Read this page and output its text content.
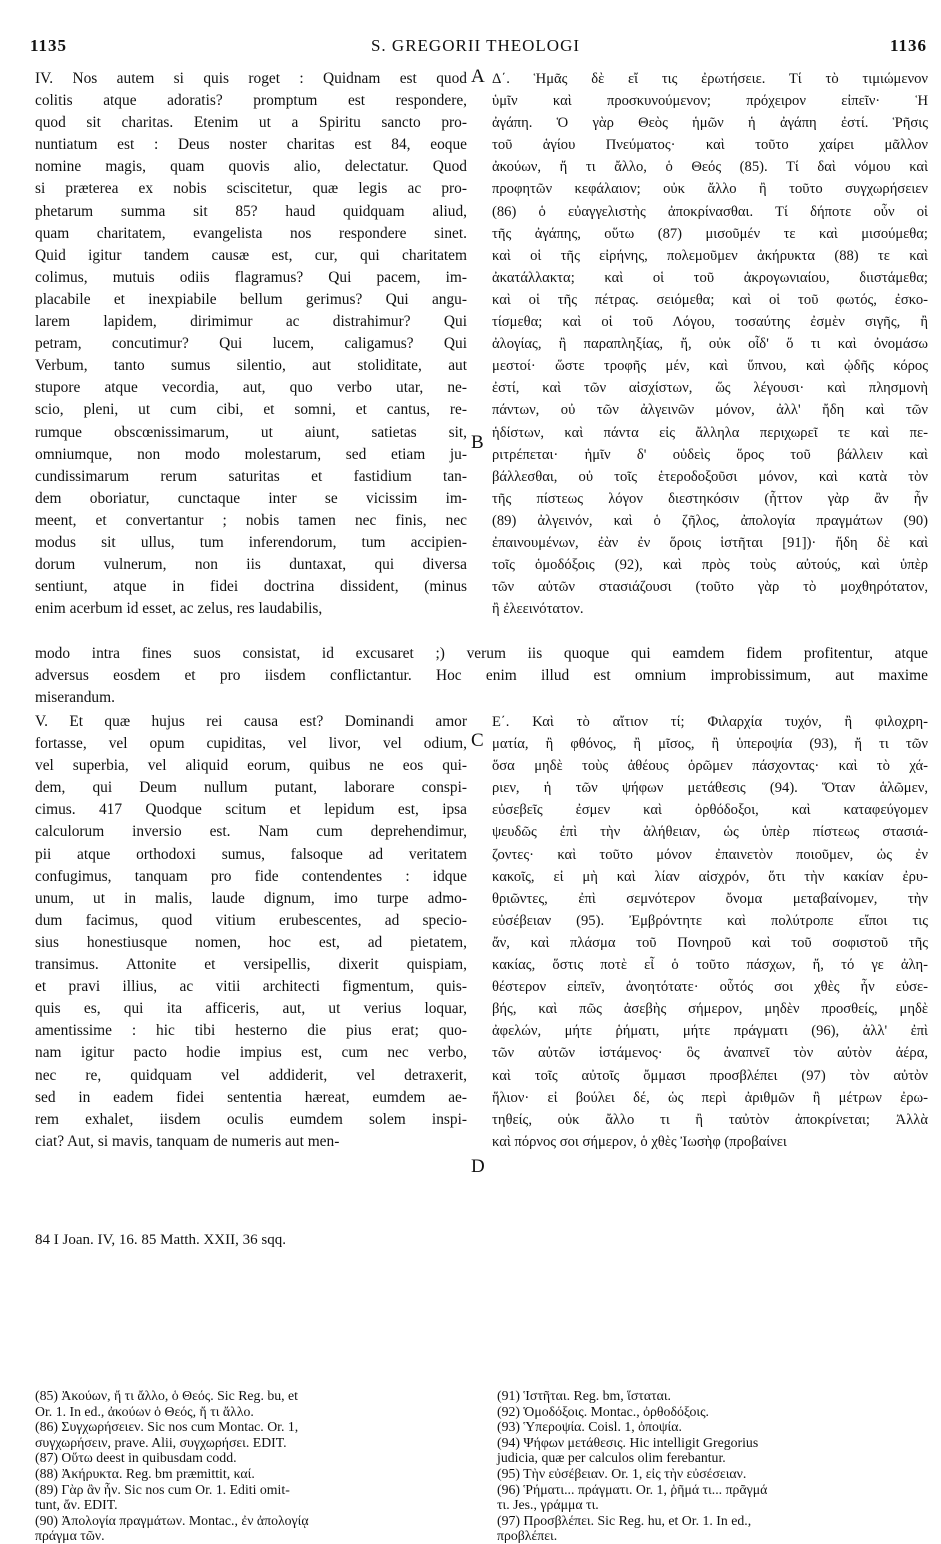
1135	S. GREGORII THEOLOGI	1136
A
B
C
D
IV. Nos autem si quis roget : Quidnam est quod
colitis atque adoratis? promptum est respondere,
quod sit charitas. Etenim ut a Spiritu sancto pro-
nuntiatum est : Deus noster charitas est 84, eoque
nomine magis, quam quovis alio, delectatur. Quod
si præterea ex nobis sciscitetur, quæ legis ac pro-
phetarum summa sit 85? haud quidquam aliud,
quam charitatem, evangelista nos respondere sinet.
Quid igitur tandem causæ est, cur, qui charitatem
colimus, mutuis odiis flagramus? Qui pacem, im-
placabile et inexpiabile bellum gerimus? Qui angu-
larem lapidem, dirimimur ac distrahimur? Qui
petram, concutimur? Qui lucem, caligamus? Qui
Verbum, tanto sumus silentio, aut stoliditate, aut
stupore atque vecordia, aut, quo verbo utar, ne-
scio, pleni, ut cum cibi, et somni, et cantus, re-
rumque obscœnissimarum, ut aiunt, satietas sit,
omniumque, non modo molestarum, sed etiam ju-
cundissimarum rerum saturitas et fastidium tan-
dem oboriatur, cunctaque inter se vicissim im-
meent, et convertantur ; nobis tamen nec finis, nec
modus sit ullus, tum inferendorum, tum accipien-
dorum vulnerum, non iis duntaxat, qui diversa
sentiunt, atque in fidei doctrina dissident, (minus
enim acerbum id esset, ac zelus, res laudabilis,
Δ΄. Ἡμᾶς δὲ εἴ τις ἐρωτήσειε. Τί τὸ τιμιώμενον
ὑμῖν καὶ προσκυνούμενον; πρόχειρον εἰπεῖν· Ἡ
ἀγάπη. Ὁ γὰρ Θεὸς ἡμῶν ἡ ἀγάπη ἐστί. Ῥῆσις
τοῦ ἁγίου Πνεύματος· καὶ τοῦτο χαίρει μᾶλλον
ἀκούων, ἤ τι ἄλλο, ὁ Θεός (85). Τί δαὶ νόμου καὶ
προφητῶν κεφάλαιον; οὐκ ἄλλο ἢ τοῦτο συγχωρήσειεν
(86) ὁ εὐαγγελιστὴς ἀποκρίνασθαι. Τί δήποτε οὖν οἱ
τῆς ἀγάπης, οὕτω (87) μισοῦμέν τε καὶ μισούμεθα;
καὶ οἱ τῆς εἰρήνης, πολεμοῦμεν ἀκήρυκτα (88) τε καὶ
ἀκατάλλακτα; καὶ οἱ τοῦ ἀκρογωνιαίου, διιστάμεθα;
καὶ οἱ τῆς πέτρας. σειόμεθα; καὶ οἱ τοῦ φωτός, ἐσκο-
τίσμεθα; καὶ οἱ τοῦ Λόγου, τοσαύτης ἐσμὲν σιγῆς, ἢ
ἀλογίας, ἢ παραπληξίας, ἤ, οὐκ οἶδ' ὅ τι καὶ ὀνομάσω
μεστοί· ὥστε τροφῆς μέν, καὶ ὕπνου, καὶ ᾠδῆς κόρος
ἐστί, καὶ τῶν αἰσχίστων, ὥς λέγουσι· καὶ πλησμονὴ
πάντων, οὐ τῶν ἀλγεινῶν μόνον, ἀλλ' ἤδη καὶ τῶν
ἡδίστων, καὶ πάντα εἰς ἄλληλα περιχωρεῖ τε καὶ πε-
ριτρέπεται· ἡμῖν δ' οὐδεὶς ὅρος τοῦ βάλλειν καὶ
βάλλεσθαι, οὐ τοῖς ἑτεροδοξοῦσι μόνον, καὶ κατὰ τὸν
τῆς πίστεως λόγον διεστηκόσιν (ἧττον γὰρ ἂν ἦν
(89) ἀλγεινόν, καὶ ὁ ζῆλος, ἀπολογία πραγμάτων (90)
ἐπαινουμένων, ἐὰν ἐν ὅροις ἱστῆται [91])· ἤδη δὲ καὶ
τοῖς ὁμοδόξοις (92), καὶ πρὸς τοὺς αὐτούς, καὶ ὑπὲρ
τῶν αὐτῶν στασιάζουσι (τοῦτο γὰρ τὸ μοχθηρότατον,
ἢ ἐλεεινότατον.
modo intra fines suos consistat, id excusaret ;) verum iis quoque qui eamdem fidem profitentur, atque
adversus eosdem et pro iisdem conflictantur. Hoc enim illud est omnium improbissimum, aut maxime
miserandum.
V. Et quæ hujus rei causa est? Dominandi amor
fortasse, vel opum cupiditas, vel livor, vel odium,
vel superbia, vel aliquid eorum, quibus ne eos qui-
dem, qui Deum nullum putant, laborare conspi-
cimus. 417 Quodque scitum et lepidum est, ipsa
calculorum inversio est. Nam cum deprehendimur,
pii atque orthodoxi sumus, falsoque ad veritatem
confugimus, tanquam pro fide contendentes : idque
unum, ut in malis, laude dignum, imo turpe admo-
dum facimus, quod vitium erubescentes, ad specio-
sius honestiusque nomen, hoc est, ad pietatem,
transimus. Attonite et versipellis, dixerit quispiam,
et pravi illius, ac vitii architecti figmentum, quis-
quis es, qui ita afficeris, aut, ut verius loquar,
amentissime : hic tibi hesterno die pius erat; quo-
nam igitur pacto hodie impius est, cum nec verbo,
nec re, quidquam vel addiderit, vel detraxerit,
sed in eadem fidei sententia hæreat, eumdem ae-
rem exhalet, iisdem oculis eumdem solem inspi-
ciat? Aut, si mavis, tanquam de numeris aut men-
Ε΄. Καὶ τὸ αἴτιον τί; Φιλαρχία τυχόν, ἢ φιλοχρη-
ματία, ἢ φθόνος, ἢ μῖσος, ἢ ὑπεροψία (93), ἤ τι τῶν
ὅσα μηδὲ τοὺς ἀθέους ὁρῶμεν πάσχοντας· καὶ τὸ χά-
ριεν, ἡ τῶν ψήφων μετάθεσις (94). Ὅταν ἁλῶμεν,
εὐσεβεῖς ἐσμεν καὶ ὀρθόδοξοι, καὶ καταφεύγομεν
ψευδῶς ἐπὶ τὴν ἀλήθειαν, ὡς ὑπὲρ πίστεως στασιά-
ζοντες· καὶ τοῦτο μόνον ἐπαινετὸν ποιοῦμεν, ὡς ἐν
κακοῖς, εἰ μὴ καὶ λίαν αἰσχρόν, ὅτι τὴν κακίαν ἐρυ-
θριῶντες, ἐπὶ σεμνότερον ὄνομα μεταβαίνομεν, τὴν
εὐσέβειαν (95). Ἐμβρόντητε καὶ πολύτροπε εἴποι τις
ἄν, καὶ πλάσμα τοῦ Πονηροῦ καὶ τοῦ σοφιστοῦ τῆς
κακίας, ὅστις ποτὲ εἶ ὁ τοῦτο πάσχων, ἤ, τό γε ἀλη-
θέστερον εἰπεῖν, ἀνοητότατε· οὗτός σοι χθὲς ἦν εὐσε-
βής, καὶ πῶς ἀσεβὴς σήμερον, μηδὲν προσθείς, μηδὲ
ἀφελών, μήτε ῥήματι, μήτε πράγματι (96), ἀλλ' ἐπὶ
τῶν αὐτῶν ἱστάμενος· ὃς ἀναπνεῖ τὸν αὐτὸν ἀέρα,
καὶ τοῖς αὐτοῖς ὄμμασι προσβλέπει (97) τὸν αὐτὸν
ἥλιον· εἰ βούλει δέ, ὡς περὶ ἀριθμῶν ἢ μέτρων ἐρω-
τηθείς, οὐκ ἄλλο τι ἢ ταὐτὸν ἀποκρίνεται; Ἀλλὰ
καὶ πόρνος σοι σήμερον, ὁ χθὲς Ἰωσὴφ (προβαίνει
84 I Joan. IV, 16. 85 Matth. XXII, 36 sqq.
(85) Ἀκούων, ἤ τι ἄλλο, ὁ Θεός. Sic Reg. bu, et
Or. 1. In ed., ἀκούων ὁ Θεός, ἤ τι ἄλλο.
(86) Συγχωρήσειεν. Sic nos cum Montac. Or. 1,
συγχωρήσειν, prave. Alii, συγχωρήσει. EDIT.
(87) Οὕτω deest in quibusdam codd.
(88) Ἀκήρυκτα. Reg. bm præmittit, καί.
(89) Γὰρ ἂν ἦν. Sic nos cum Or. 1. Editi omit-
tunt, ἄν. EDIT.
(90) Ἀπολογία πραγμάτων. Montac., ἐν ἀπολογίᾳ
πράγμα τῶν.
(91) Ἱστῆται. Reg. bm, ἵσταται.
(92) Ὁμοδόξοις. Montac., ὀρθοδόξοις.
(93) Ὑπεροψία. Coisl. 1, ὀποψία.
(94) Ψήφων μετάθεσις. Hic intelligit Gregorius
judicia, quæ per calculos olim ferebantur.
(95) Τὴν εὐσέβειαν. Or. 1, εἰς τὴν εὐσέσειαν.
(96) Ῥήματι... πράγματι. Or. 1, ῥῆμά τι... πρᾶγμά
τι. Jes., γράμμα τι.
(97) Προσβλέπει. Sic Reg. hu, et Or. 1. In ed.,
προβλέπει.
